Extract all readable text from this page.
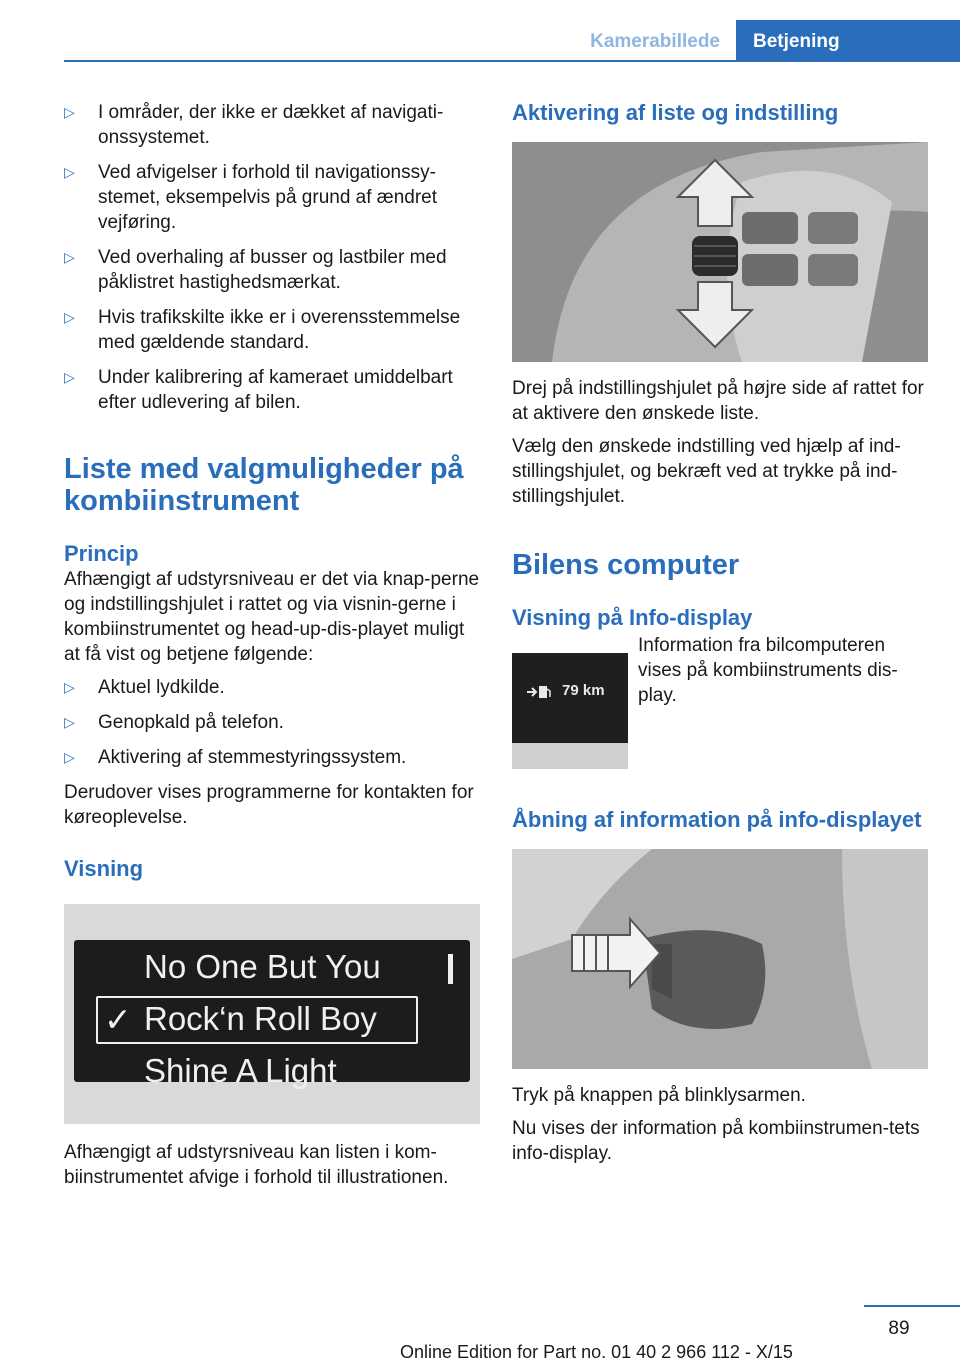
Kamerabillede	Betjening
▷ I områder, der ikke er dækket af navigati-onssystemet.
▷ Ved afvigelser i forhold til navigationssy-stemet, eksempelvis på grund af ændret vejføring.
▷ Ved overhaling af busser og lastbiler med påklistret hastighedsmærkat.
▷ Hvis trafikskilte ikke er i overensstemmelse med gældende standard.
▷ Under kalibrering af kameraet umiddelbart efter udlevering af bilen.
Liste med valgmuligheder på kombiinstrument
Princip

Afhængigt af udstyrsniveau er det via knap-perne og indstillingshjulet i rattet og via visnin-gerne i kombiinstrumentet og head-up-dis-playet muligt at få vist og betjene følgende:

▷ Aktuel lydkilde.
▷ Genopkald på telefon.
▷ Aktivering af stemmestyringssystem.

Derudover vises programmerne for kontakten for køreoplevelse.

Visning
No One But You
✓ Rock‘n Roll Boy
Shine A Light

Afhængigt af udstyrsniveau kan listen i kom-biinstrumentet afvige i forhold til illustrationen.

Aktivering af liste og indstilling

Drej på indstillingshjulet på højre side af rattet for at aktivere den ønskede liste.

Vælg den ønskede indstilling ved hjælp af ind-stillingshjulet, og bekræft ved at trykke på ind-stillingshjulet.

Bilens computer
Visning på Info-display
79 km

Information fra bilcomputeren vises på kombiinstruments dis-play.

Åbning af information på info-displayet

Tryk på knappen på blinklysarmen.

Nu vises der information på kombiinstrumen-tets info-display.

89
Online Edition for Part no. 01 40 2 966 112 - X/15
